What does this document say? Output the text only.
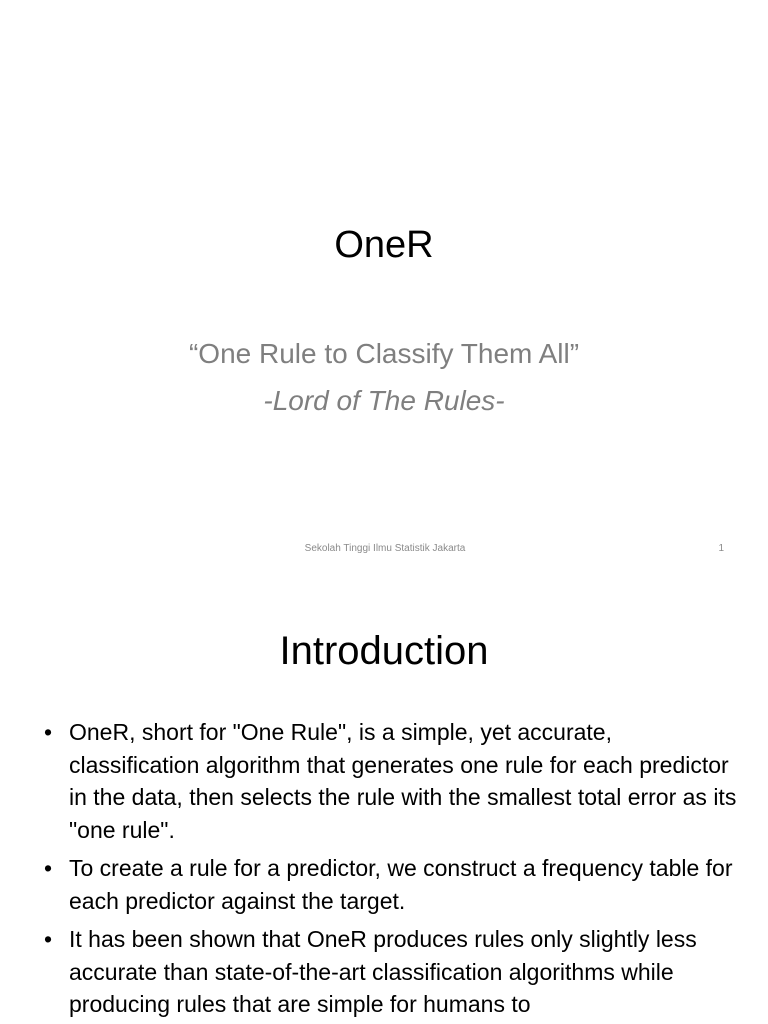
OneR

“One Rule to Classify Them All”

-Lord of The Rules-

Sekolah Tinggi Ilmu Statistik Jakarta	1
Introduction
• OneR, short for "One Rule", is a simple, yet accurate, classification algorithm that generates one rule for each predictor in the data, then selects the rule with the smallest total error as its "one rule".
• To create a rule for a predictor, we construct a frequency table for each predictor against the target.
• It has been shown that OneR produces rules only slightly less accurate than state-of-the-art classification algorithms while producing rules that are simple for humans to
